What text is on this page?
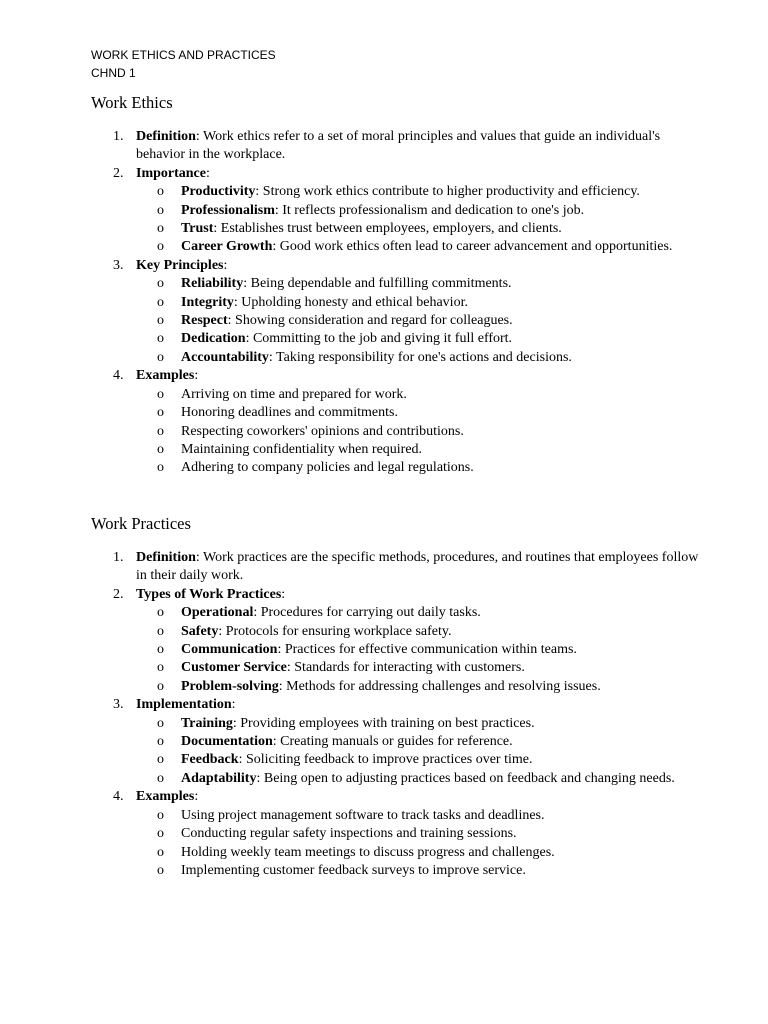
WORK ETHICS AND PRACTICES
CHND 1
Work Ethics
1. Definition: Work ethics refer to a set of moral principles and values that guide an individual's behavior in the workplace.
2. Importance:
o Productivity: Strong work ethics contribute to higher productivity and efficiency.
o Professionalism: It reflects professionalism and dedication to one's job.
o Trust: Establishes trust between employees, employers, and clients.
o Career Growth: Good work ethics often lead to career advancement and opportunities.
3. Key Principles:
o Reliability: Being dependable and fulfilling commitments.
o Integrity: Upholding honesty and ethical behavior.
o Respect: Showing consideration and regard for colleagues.
o Dedication: Committing to the job and giving it full effort.
o Accountability: Taking responsibility for one's actions and decisions.
4. Examples:
o Arriving on time and prepared for work.
o Honoring deadlines and commitments.
o Respecting coworkers' opinions and contributions.
o Maintaining confidentiality when required.
o Adhering to company policies and legal regulations.
Work Practices
1. Definition: Work practices are the specific methods, procedures, and routines that employees follow in their daily work.
2. Types of Work Practices:
o Operational: Procedures for carrying out daily tasks.
o Safety: Protocols for ensuring workplace safety.
o Communication: Practices for effective communication within teams.
o Customer Service: Standards for interacting with customers.
o Problem-solving: Methods for addressing challenges and resolving issues.
3. Implementation:
o Training: Providing employees with training on best practices.
o Documentation: Creating manuals or guides for reference.
o Feedback: Soliciting feedback to improve practices over time.
o Adaptability: Being open to adjusting practices based on feedback and changing needs.
4. Examples:
o Using project management software to track tasks and deadlines.
o Conducting regular safety inspections and training sessions.
o Holding weekly team meetings to discuss progress and challenges.
o Implementing customer feedback surveys to improve service.
